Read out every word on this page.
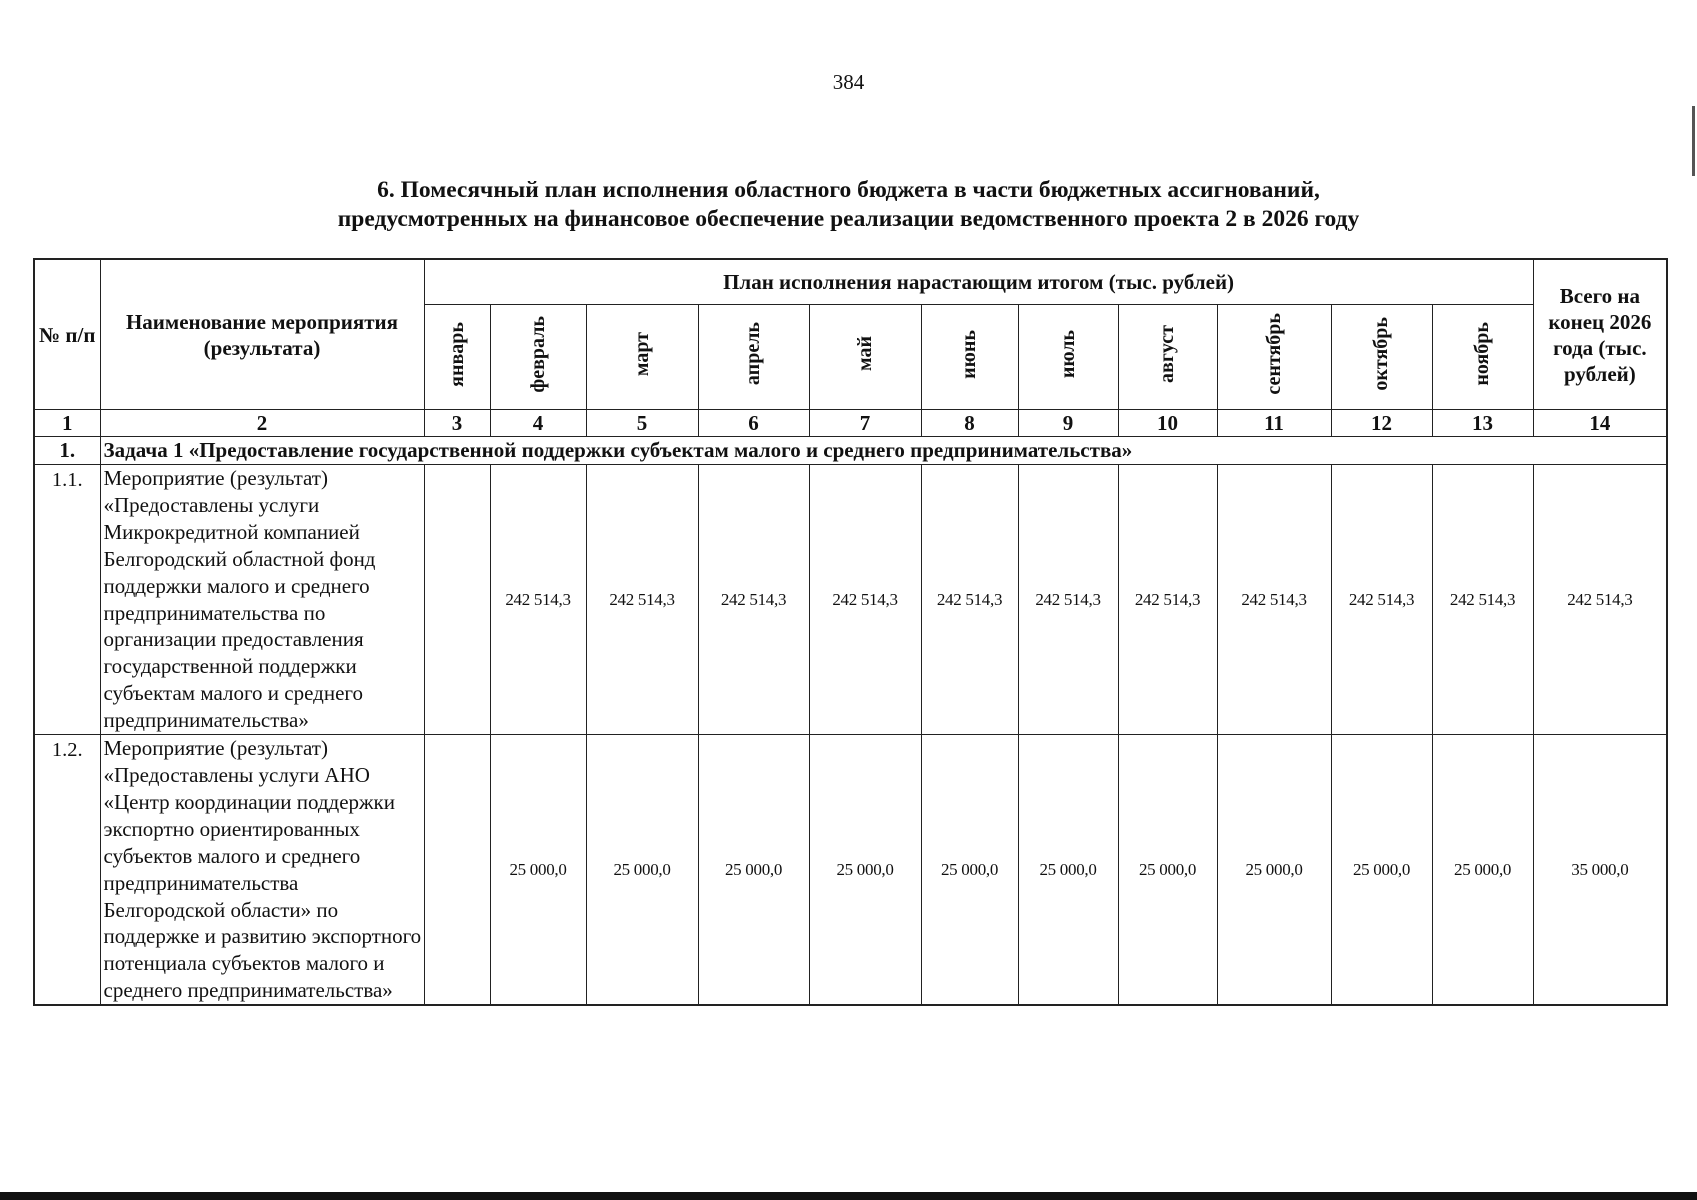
384
6. Помесячный план исполнения областного бюджета в части бюджетных ассигнований,
предусмотренных на финансовое обеспечение реализации ведомственного проекта 2 в 2026 году
№ п/п	Наименование мероприятия (результата)	План исполнения нарастающим итогом (тыс. рублей)											Всего на конец 2026 года (тыс. рублей)
		январь	февраль	март	апрель	май	июнь	июль	август	сентябрь	октябрь	ноябрь	
1	2	3	4	5	6	7	8	9	10	11	12	13	14
1.	Задача 1 «Предоставление государственной поддержки субъектам малого и среднего предпринимательства»												
1.1.	Мероприятие (результат) «Предоставлены услуги Микрокредитной компанией Белгородский областной фонд поддержки малого и среднего предпринимательства по организации предоставления государственной поддержки субъектам малого и среднего предпринимательства»		242 514,3	242 514,3	242 514,3	242 514,3	242 514,3	242 514,3	242 514,3	242 514,3	242 514,3	242 514,3	242 514,3
1.2.	Мероприятие (результат) «Предоставлены услуги АНО «Центр координации поддержки экспортно ориентированных субъектов малого и среднего предпринимательства Белгородской области» по поддержке и развитию экспортного потенциала субъектов малого и среднего предпринимательства»		25 000,0	25 000,0	25 000,0	25 000,0	25 000,0	25 000,0	25 000,0	25 000,0	25 000,0	25 000,0	35 000,0
